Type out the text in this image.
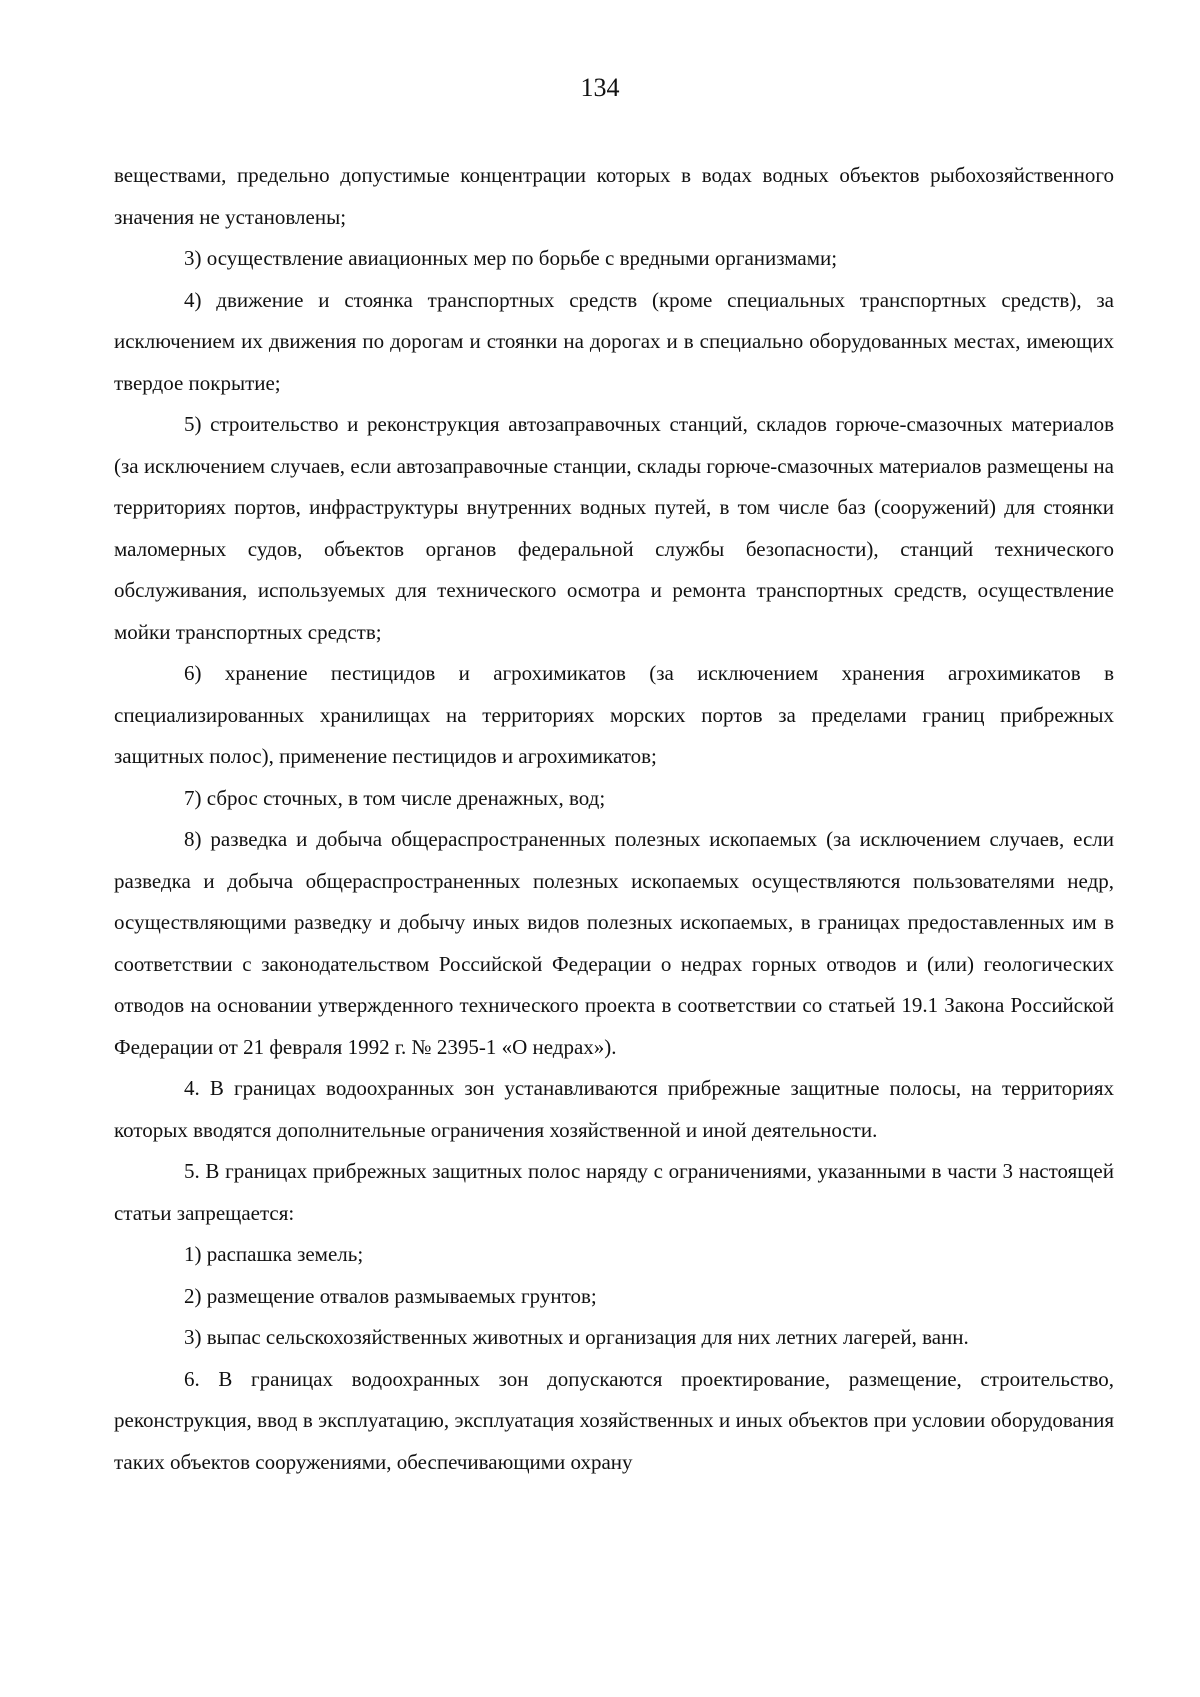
134

веществами, предельно допустимые концентрации которых в водах водных объектов рыбохозяйственного значения не установлены;

3) осуществление авиационных мер по борьбе с вредными организмами;

4) движение и стоянка транспортных средств (кроме специальных транспортных средств), за исключением их движения по дорогам и стоянки на дорогах и в специально оборудованных местах, имеющих твердое покрытие;

5) строительство и реконструкция автозаправочных станций, складов горюче-смазочных материалов (за исключением случаев, если автозаправочные станции, склады горюче-смазочных материалов размещены на территориях портов, инфраструктуры внутренних водных путей, в том числе баз (сооружений) для стоянки маломерных судов, объектов органов федеральной службы безопасности), станций технического обслуживания, используемых для технического осмотра и ремонта транспортных средств, осуществление мойки транспортных средств;

6) хранение пестицидов и агрохимикатов (за исключением хранения агрохимикатов в специализированных хранилищах на территориях морских портов за пределами границ прибрежных защитных полос), применение пестицидов и агрохимикатов;

7) сброс сточных, в том числе дренажных, вод;

8) разведка и добыча общераспространенных полезных ископаемых (за исключением случаев, если разведка и добыча общераспространенных полезных ископаемых осуществляются пользователями недр, осуществляющими разведку и добычу иных видов полезных ископаемых, в границах предоставленных им в соответствии с законодательством Российской Федерации о недрах горных отводов и (или) геологических отводов на основании утвержденного технического проекта в соответствии со статьей 19.1 Закона Российской Федерации от 21 февраля 1992 г. № 2395-1 «О недрах»).

4. В границах водоохранных зон устанавливаются прибрежные защитные полосы, на территориях которых вводятся дополнительные ограничения хозяйственной и иной деятельности.

5. В границах прибрежных защитных полос наряду с ограничениями, указанными в части 3 настоящей статьи запрещается:

1) распашка земель;

2) размещение отвалов размываемых грунтов;

3) выпас сельскохозяйственных животных и организация для них летних лагерей, ванн.

6. В границах водоохранных зон допускаются проектирование, размещение, строительство, реконструкция, ввод в эксплуатацию, эксплуатация хозяйственных и иных объектов при условии оборудования таких объектов сооружениями, обеспечивающими охрану
